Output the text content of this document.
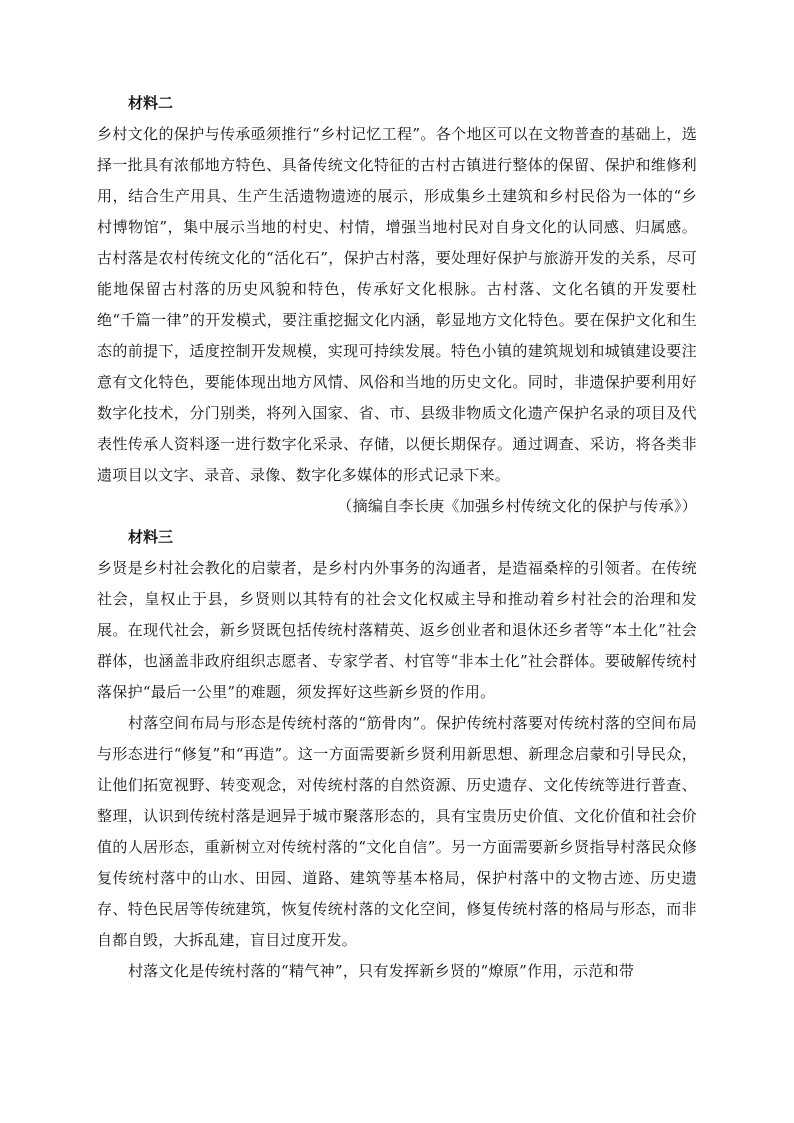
材料二

乡村文化的保护与传承亟须推行“乡村记忆工程”。各个地区可以在文物普查的基础上，选择一批具有浓郁地方特色、具备传统文化特征的古村古镇进行整体的保留、保护和维修利用，结合生产用具、生产生活遗物遗迹的展示，形成集乡土建筑和乡村民俗为一体的“乡村博物馆”，集中展示当地的村史、村情，增强当地村民对自身文化的认同感、归属感。古村落是农村传统文化的“活化石”，保护古村落，要处理好保护与旅游开发的关系，尽可能地保留古村落的历史风貌和特色，传承好文化根脉。古村落、文化名镇的开发要杜绝“千篇一律”的开发模式，要注重挖掘文化内涵，彰显地方文化特色。要在保护文化和生态的前提下，适度控制开发规模，实现可持续发展。特色小镇的建筑规划和城镇建设要注意有文化特色，要能体现出地方风情、风俗和当地的历史文化。同时，非遗保护要利用好数字化技术，分门别类，将列入国家、省、市、县级非物质文化遗产保护名录的项目及代表性传承人资料逐一进行数字化采录、存储，以便长期保存。通过调查、采访，将各类非遗项目以文字、录音、录像、数字化多媒体的形式记录下来。

（摘编自李长庚《加强乡村传统文化的保护与传承》）
材料三

乡贤是乡村社会教化的启蒙者，是乡村内外事务的沟通者，是造福桑梓的引领者。在传统社会，皇权止于县，乡贤则以其特有的社会文化权威主导和推动着乡村社会的治理和发展。在现代社会，新乡贤既包括传统村落精英、返乡创业者和退休还乡者等“本土化”社会群体，也涵盖非政府组织志愿者、专家学者、村官等“非本土化”社会群体。要破解传统村落保护“最后一公里”的难题，须发挥好这些新乡贤的作用。

村落空间布局与形态是传统村落的“筋骨肉”。保护传统村落要对传统村落的空间布局与形态进行“修复”和“再造”。这一方面需要新乡贤利用新思想、新理念启蒙和引导民众，让他们拓宽视野、转变观念，对传统村落的自然资源、历史遗存、文化传统等进行普查、整理，认识到传统村落是迥异于城市聚落形态的，具有宝贵历史价值、文化价值和社会价值的人居形态，重新树立对传统村落的“文化自信”。另一方面需要新乡贤指导村落民众修复传统村落中的山水、田园、道路、建筑等基本格局，保护村落中的文物古迹、历史遗存、特色民居等传统建筑，恢复传统村落的文化空间，修复传统村落的格局与形态，而非自都自毁，大拆乱建，盲目过度开发。

村落文化是传统村落的“精气神”，只有发挥新乡贤的“燎原”作用，示范和带
